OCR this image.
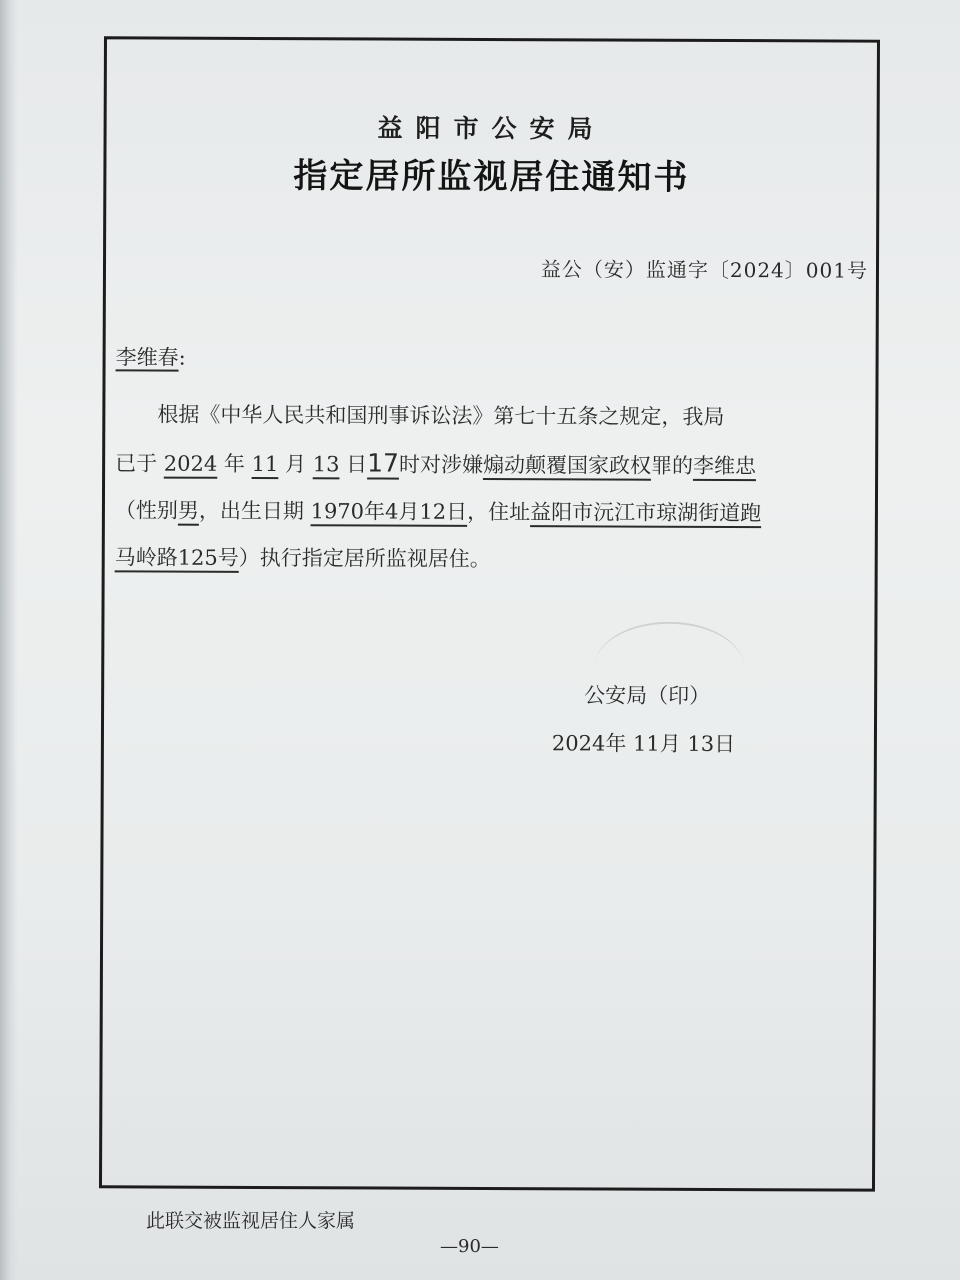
益阳市公安局
指定居所监视居住通知书
益公（安）监通字〔2024〕001号
李维春:
根据《中华人民共和国刑事诉讼法》第七十五条之规定，我局
已于 2024 年 11 月 13 日17时对涉嫌煽动颠覆国家政权罪的李维忠
（性别男，出生日期 1970年4月12日，住址益阳市沅江市琼湖街道跑
马岭路125号）执行指定居所监视居住。
公安局（印）
2024年 11月 13日
此联交被监视居住人家属
—90—
